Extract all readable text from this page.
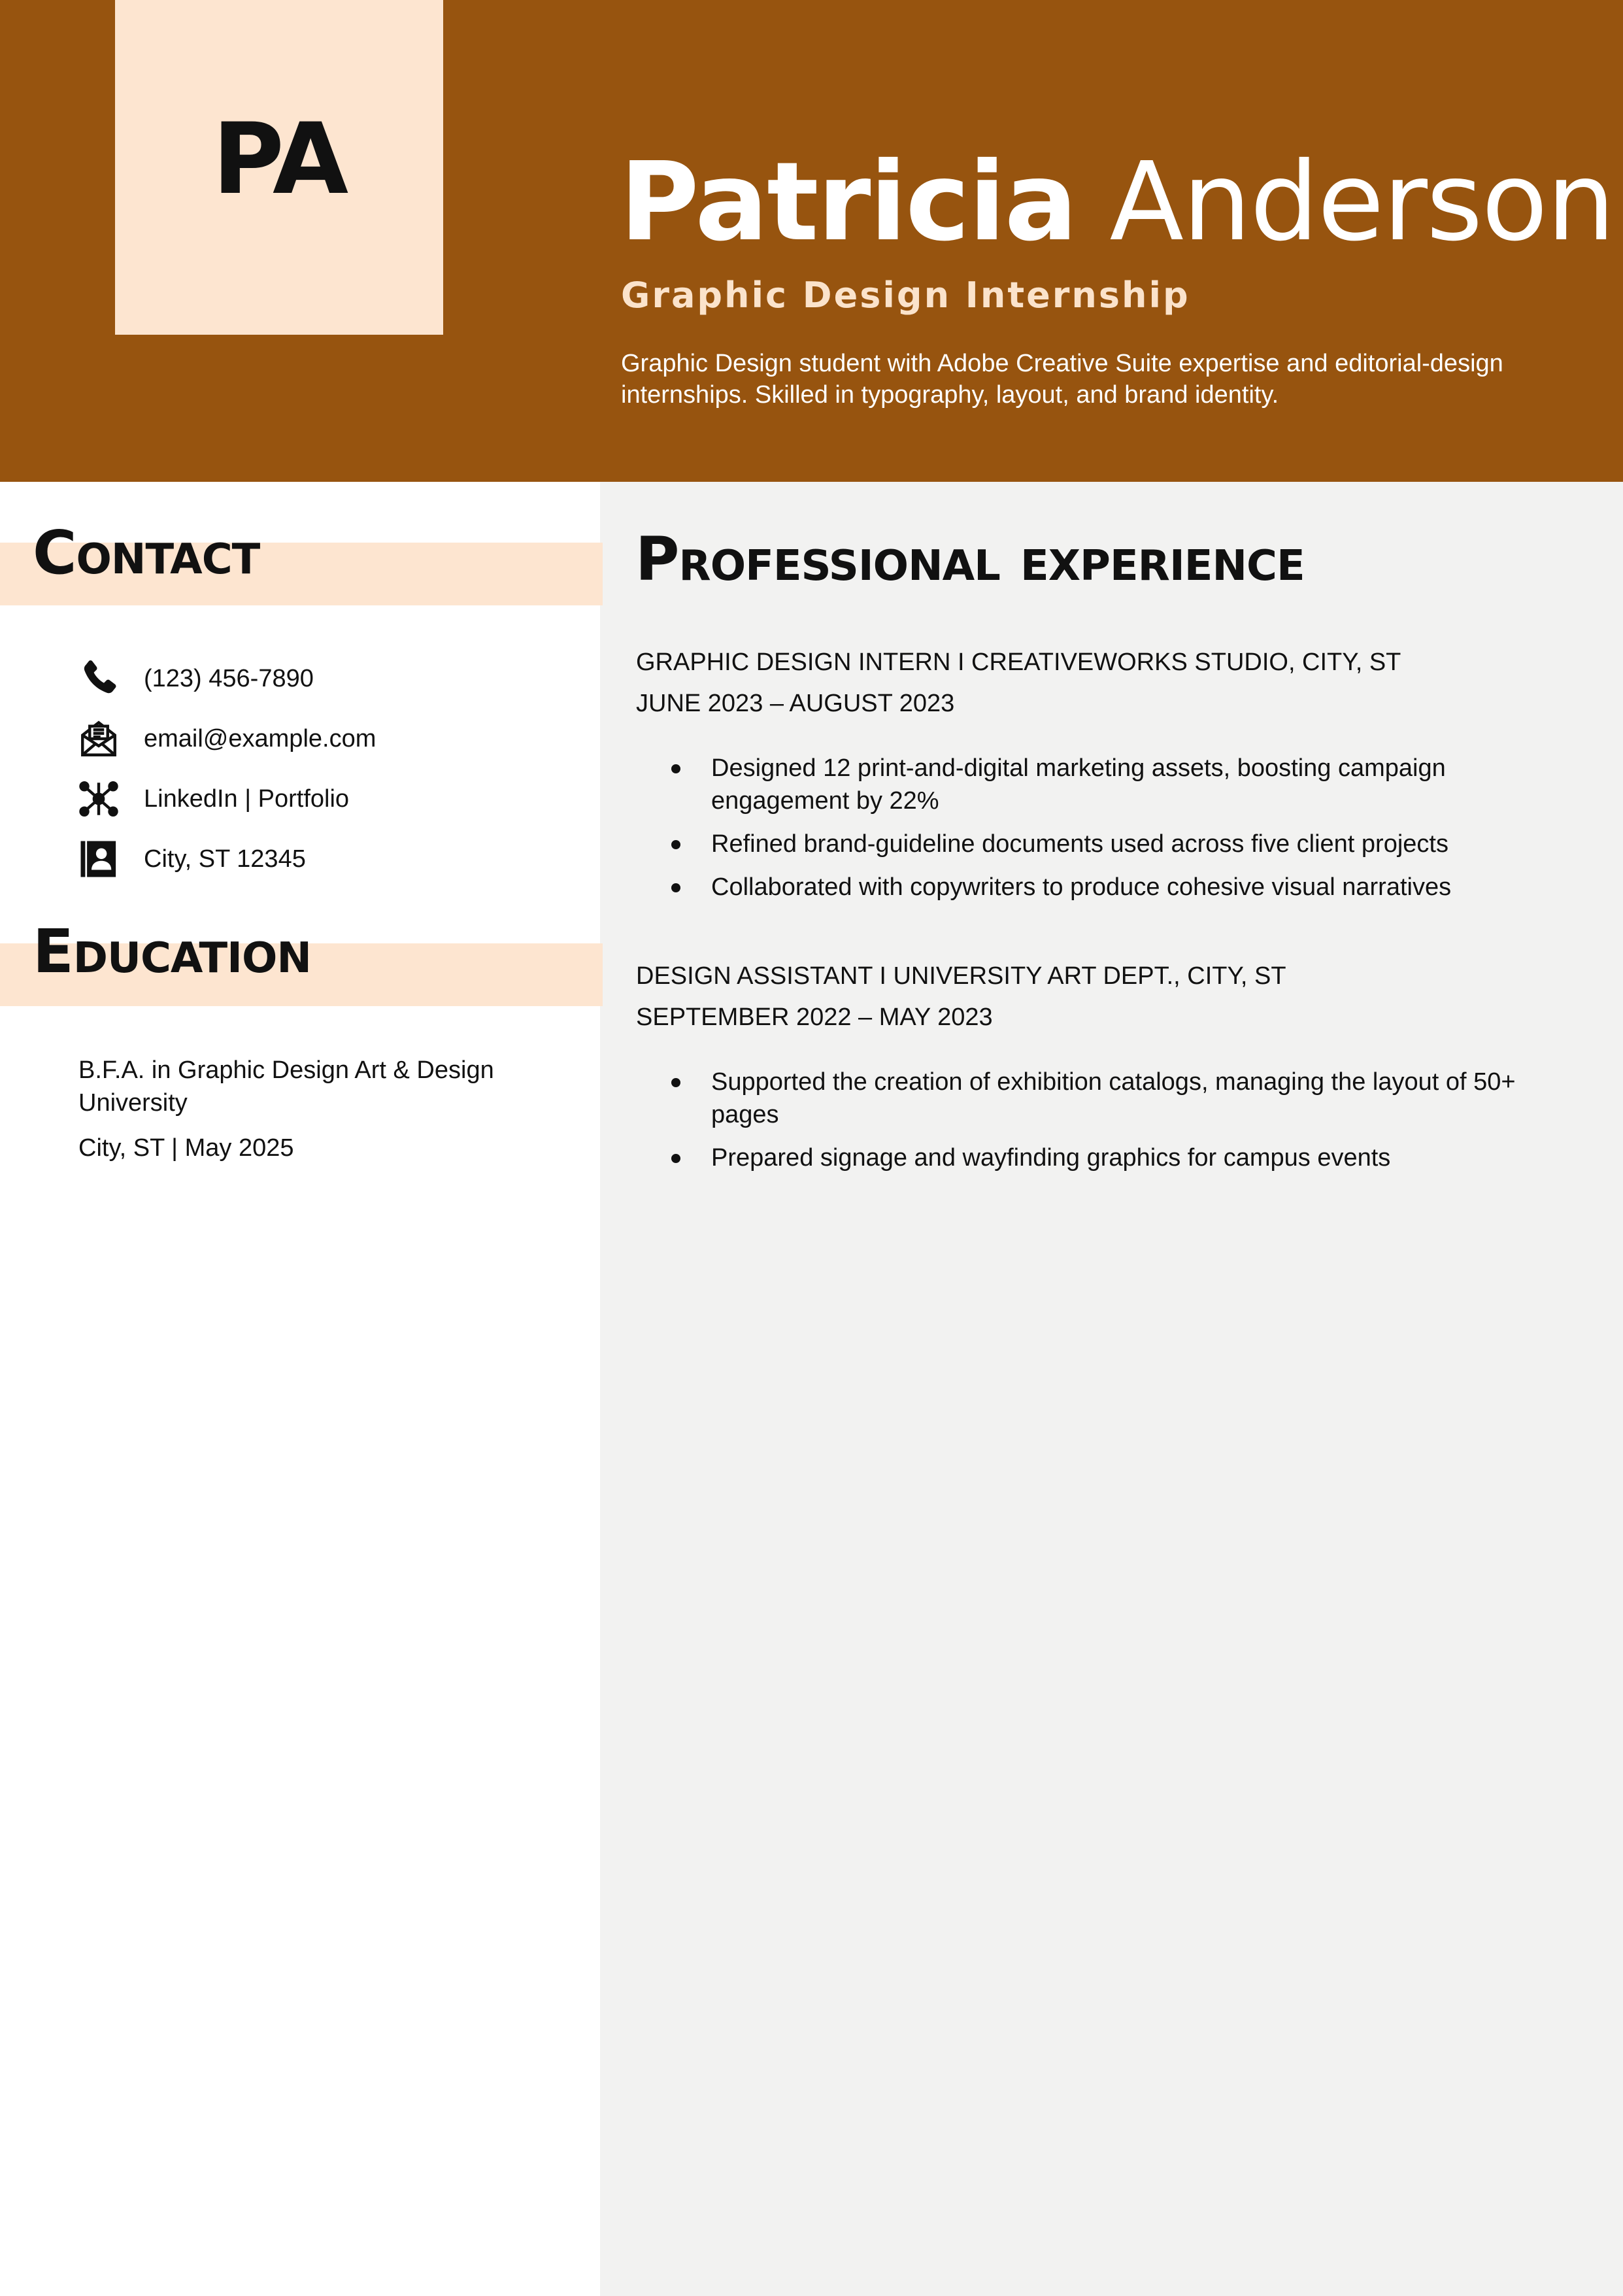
PA	Patricia Anderson
Graphic Design Internship
Graphic Design student with Adobe Creative Suite expertise and editorial-design internships. Skilled in typography, layout, and brand identity.
Contact
(123) 456-7890
email@example.com
LinkedIn | Portfolio
City, ST 12345
Education
B.F.A. in Graphic Design Art & Design University
City, ST | May 2025
Professional experience
GRAPHIC DESIGN INTERN I CREATIVEWORKS STUDIO, CITY, ST
JUNE 2023 – AUGUST 2023
Designed 12 print-and-digital marketing assets, boosting campaign engagement by 22%
Refined brand-guideline documents used across five client projects
Collaborated with copywriters to produce cohesive visual narratives
DESIGN ASSISTANT I UNIVERSITY ART DEPT., CITY, ST
SEPTEMBER 2022 – MAY 2023
Supported the creation of exhibition catalogs, managing the layout of 50+ pages
Prepared signage and wayfinding graphics for campus events
